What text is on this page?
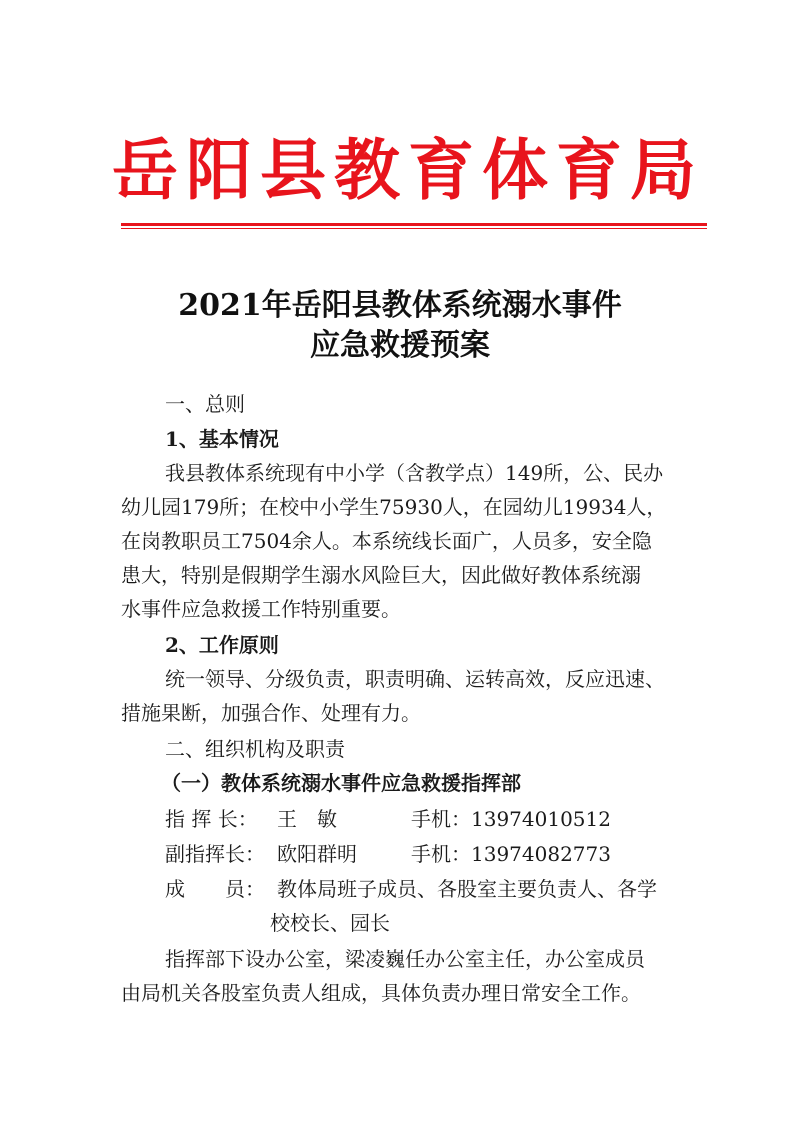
岳阳县教育体育局
2021年岳阳县教体系统溺水事件
应急救援预案
一、总则
1、基本情况
我县教体系统现有中小学（含教学点）149所，公、民办
幼儿园179所；在校中小学生75930人，在园幼儿19934人，
在岗教职员工7504余人。本系统线长面广，人员多，安全隐
患大，特别是假期学生溺水风险巨大，因此做好教体系统溺
水事件应急救援工作特别重要。
2、工作原则
统一领导、分级负责，职责明确、运转高效，反应迅速、
措施果断，加强合作、处理有力。
二、组织机构及职责
（一）教体系统溺水事件应急救援指挥部
指 挥 长： 王　敏	手机：13974010512
副指挥长： 欧阳群明	手机：13974082773
成　　员： 教体局班子成员、各股室主要负责人、各学
校校长、园长
指挥部下设办公室，梁凌巍任办公室主任，办公室成员
由局机关各股室负责人组成，具体负责办理日常安全工作。
